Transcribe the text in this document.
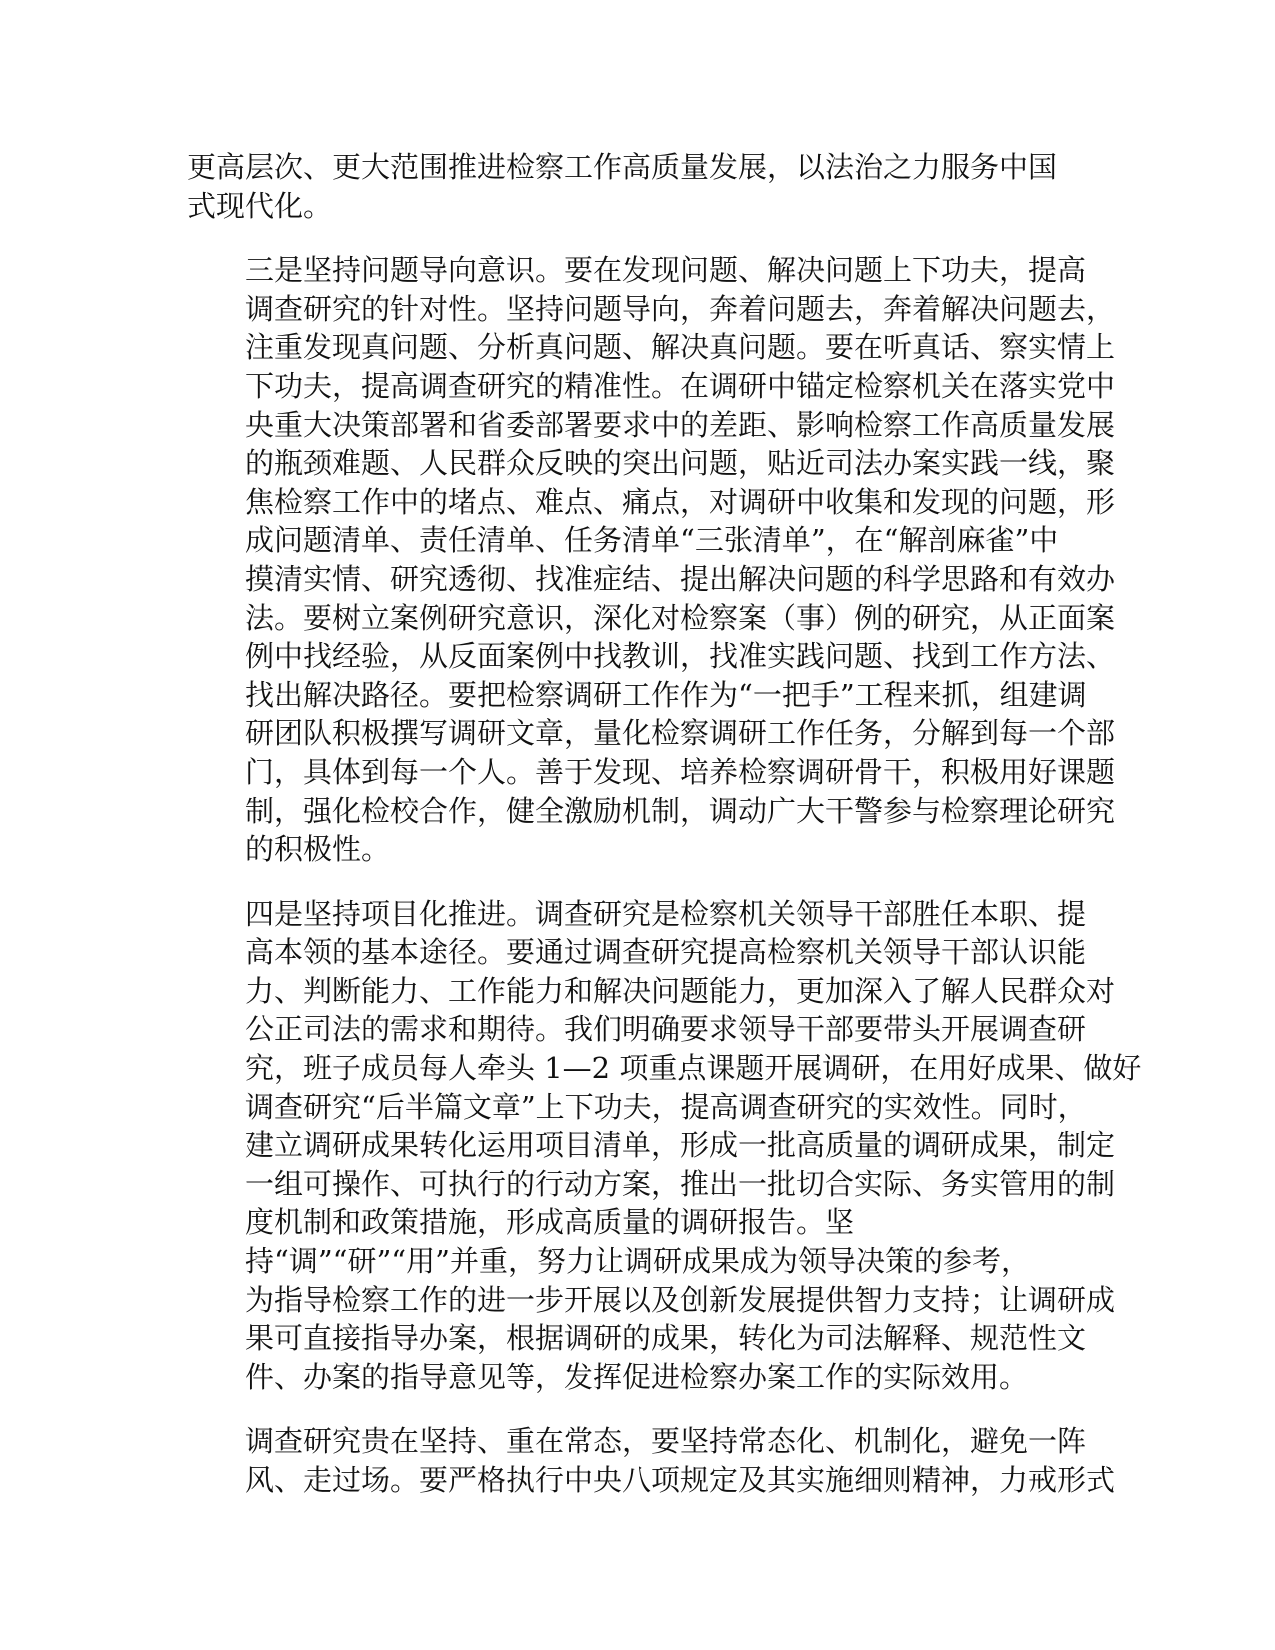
更高层次、更大范围推进检察工作高质量发展，以法治之力服务中国
式现代化。

三是坚持问题导向意识。要在发现问题、解决问题上下功夫，提高
调查研究的针对性。坚持问题导向，奔着问题去，奔着解决问题去，
注重发现真问题、分析真问题、解决真问题。要在听真话、察实情上
下功夫，提高调查研究的精准性。在调研中锚定检察机关在落实党中
央重大决策部署和省委部署要求中的差距、影响检察工作高质量发展
的瓶颈难题、人民群众反映的突出问题，贴近司法办案实践一线，聚
焦检察工作中的堵点、难点、痛点，对调研中收集和发现的问题，形
成问题清单、责任清单、任务清单“三张清单”，在“解剖麻雀”中
摸清实情、研究透彻、找准症结、提出解决问题的科学思路和有效办
法。要树立案例研究意识，深化对检察案（事）例的研究，从正面案
例中找经验，从反面案例中找教训，找准实践问题、找到工作方法、
找出解决路径。要把检察调研工作作为“一把手”工程来抓，组建调
研团队积极撰写调研文章，量化检察调研工作任务，分解到每一个部
门，具体到每一个人。善于发现、培养检察调研骨干，积极用好课题
制，强化检校合作，健全激励机制，调动广大干警参与检察理论研究
的积极性。

四是坚持项目化推进。调查研究是检察机关领导干部胜任本职、提
高本领的基本途径。要通过调查研究提高检察机关领导干部认识能
力、判断能力、工作能力和解决问题能力，更加深入了解人民群众对
公正司法的需求和期待。我们明确要求领导干部要带头开展调查研
究，班子成员每人牵头 1—2 项重点课题开展调研，在用好成果、做好
调查研究“后半篇文章”上下功夫，提高调查研究的实效性。同时，
建立调研成果转化运用项目清单，形成一批高质量的调研成果，制定
一组可操作、可执行的行动方案，推出一批切合实际、务实管用的制
度机制和政策措施，形成高质量的调研报告。坚
持“调”“研”“用”并重，努力让调研成果成为领导决策的参考，
为指导检察工作的进一步开展以及创新发展提供智力支持；让调研成
果可直接指导办案，根据调研的成果，转化为司法解释、规范性文
件、办案的指导意见等，发挥促进检察办案工作的实际效用。

调查研究贵在坚持、重在常态，要坚持常态化、机制化，避免一阵
风、走过场。要严格执行中央八项规定及其实施细则精神，力戒形式
